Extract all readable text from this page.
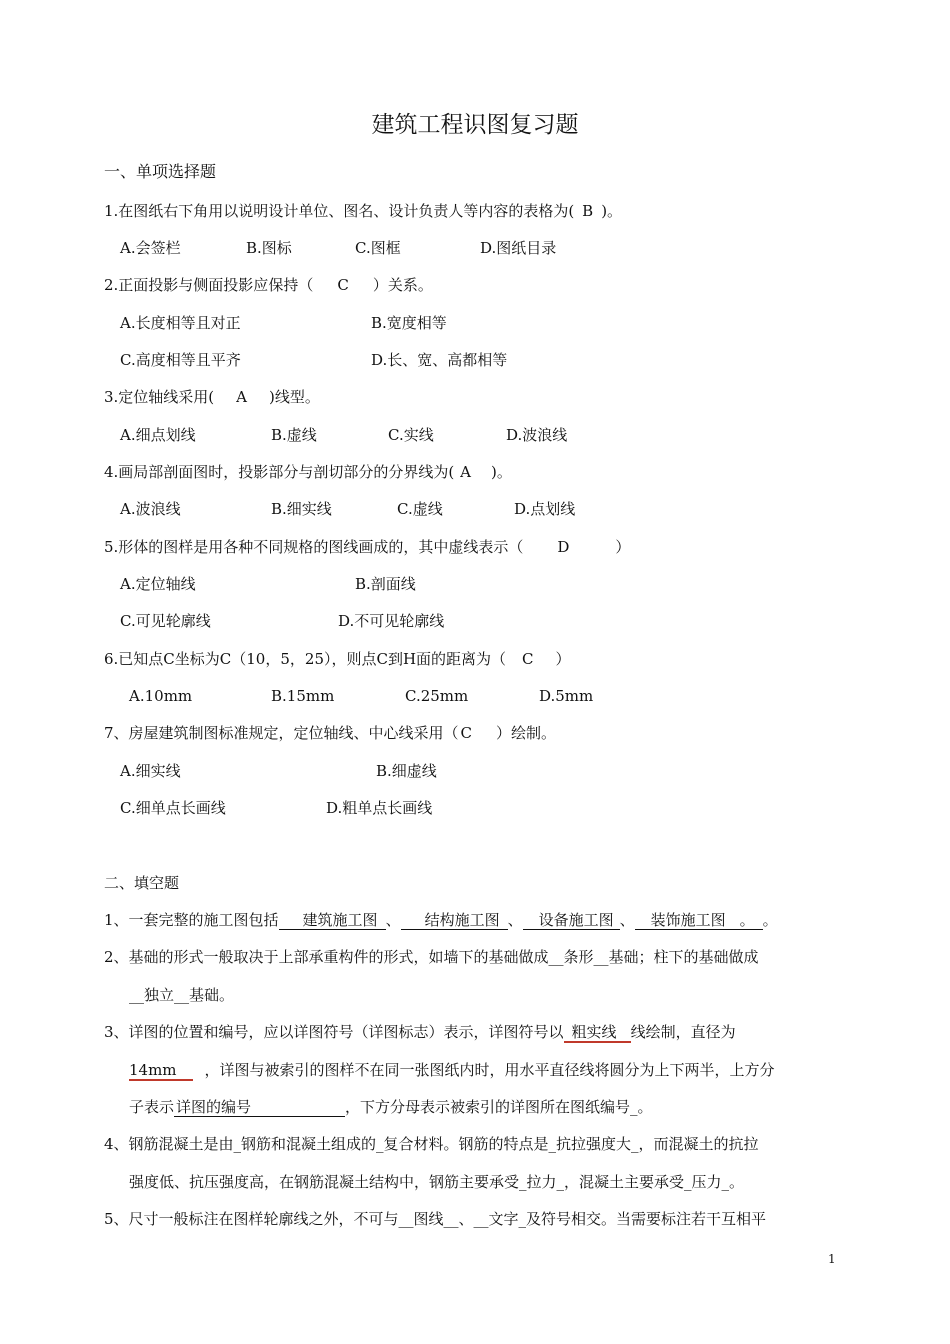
建筑工程识图复习题
一、单项选择题
1.在图纸右下角用以说明设计单位、图名、设计负责人等内容的表格为( B )。
A.会签栏	B.图标	C.图框	D.图纸目录
2.正面投影与侧面投影应保持（ C ）关系。
A.长度相等且对正	B.宽度相等
C.高度相等且平齐	D.长、宽、高都相等
3.定位轴线采用( A )线型。
A.细点划线	B.虚线	C.实线	D.波浪线
4.画局部剖面图时，投影部分与剖切部分的分界线为( A )。
A.波浪线	B.细实线	C.虚线	D.点划线
5.形体的图样是用各种不同规格的图线画成的，其中虚线表示（ D	）
A.定位轴线	B.剖面线
C.可见轮廓线	D.不可见轮廓线
6.已知点C坐标为C（10，5，25），则点C到H面的距离为（ C ）
A.10mm	B.15mm	C.25mm	D.5mm
7、房屋建筑制图标准规定，定位轴线、中心线采用（ C ）绘制。
A.细实线	B.细虚线
C.细单点长画线	D.粗单点长画线
二、填空题
1、一套完整的施工图包括 建筑施工图 、 结构施工图 、 设备施工图 、 装饰施工图 。 。
2、基础的形式一般取决于上部承重构件的形式，如墙下的基础做成__条形__基础；柱下的基础做成
__独立__基础。
3、详图的位置和编号，应以详图符号（详图标志）表示，详图符号以 粗实线 线绘制，直径为
14mm ，详图与被索引的图样不在同一张图纸内时，用水平直径线将圆分为上下两半，上方分
子表示 详图的编号	，下方分母表示被索引的详图所在图纸编号_。
4、钢筋混凝土是由_钢筋和混凝土组成的_复合材料。钢筋的特点是_抗拉强度大_，而混凝土的抗拉
强度低、抗压强度高，在钢筋混凝土结构中，钢筋主要承受_拉力_，混凝土主要承受_压力_。
5、尺寸一般标注在图样轮廓线之外，不可与__图线__、__文字_及符号相交。当需要标注若干互相平
1
